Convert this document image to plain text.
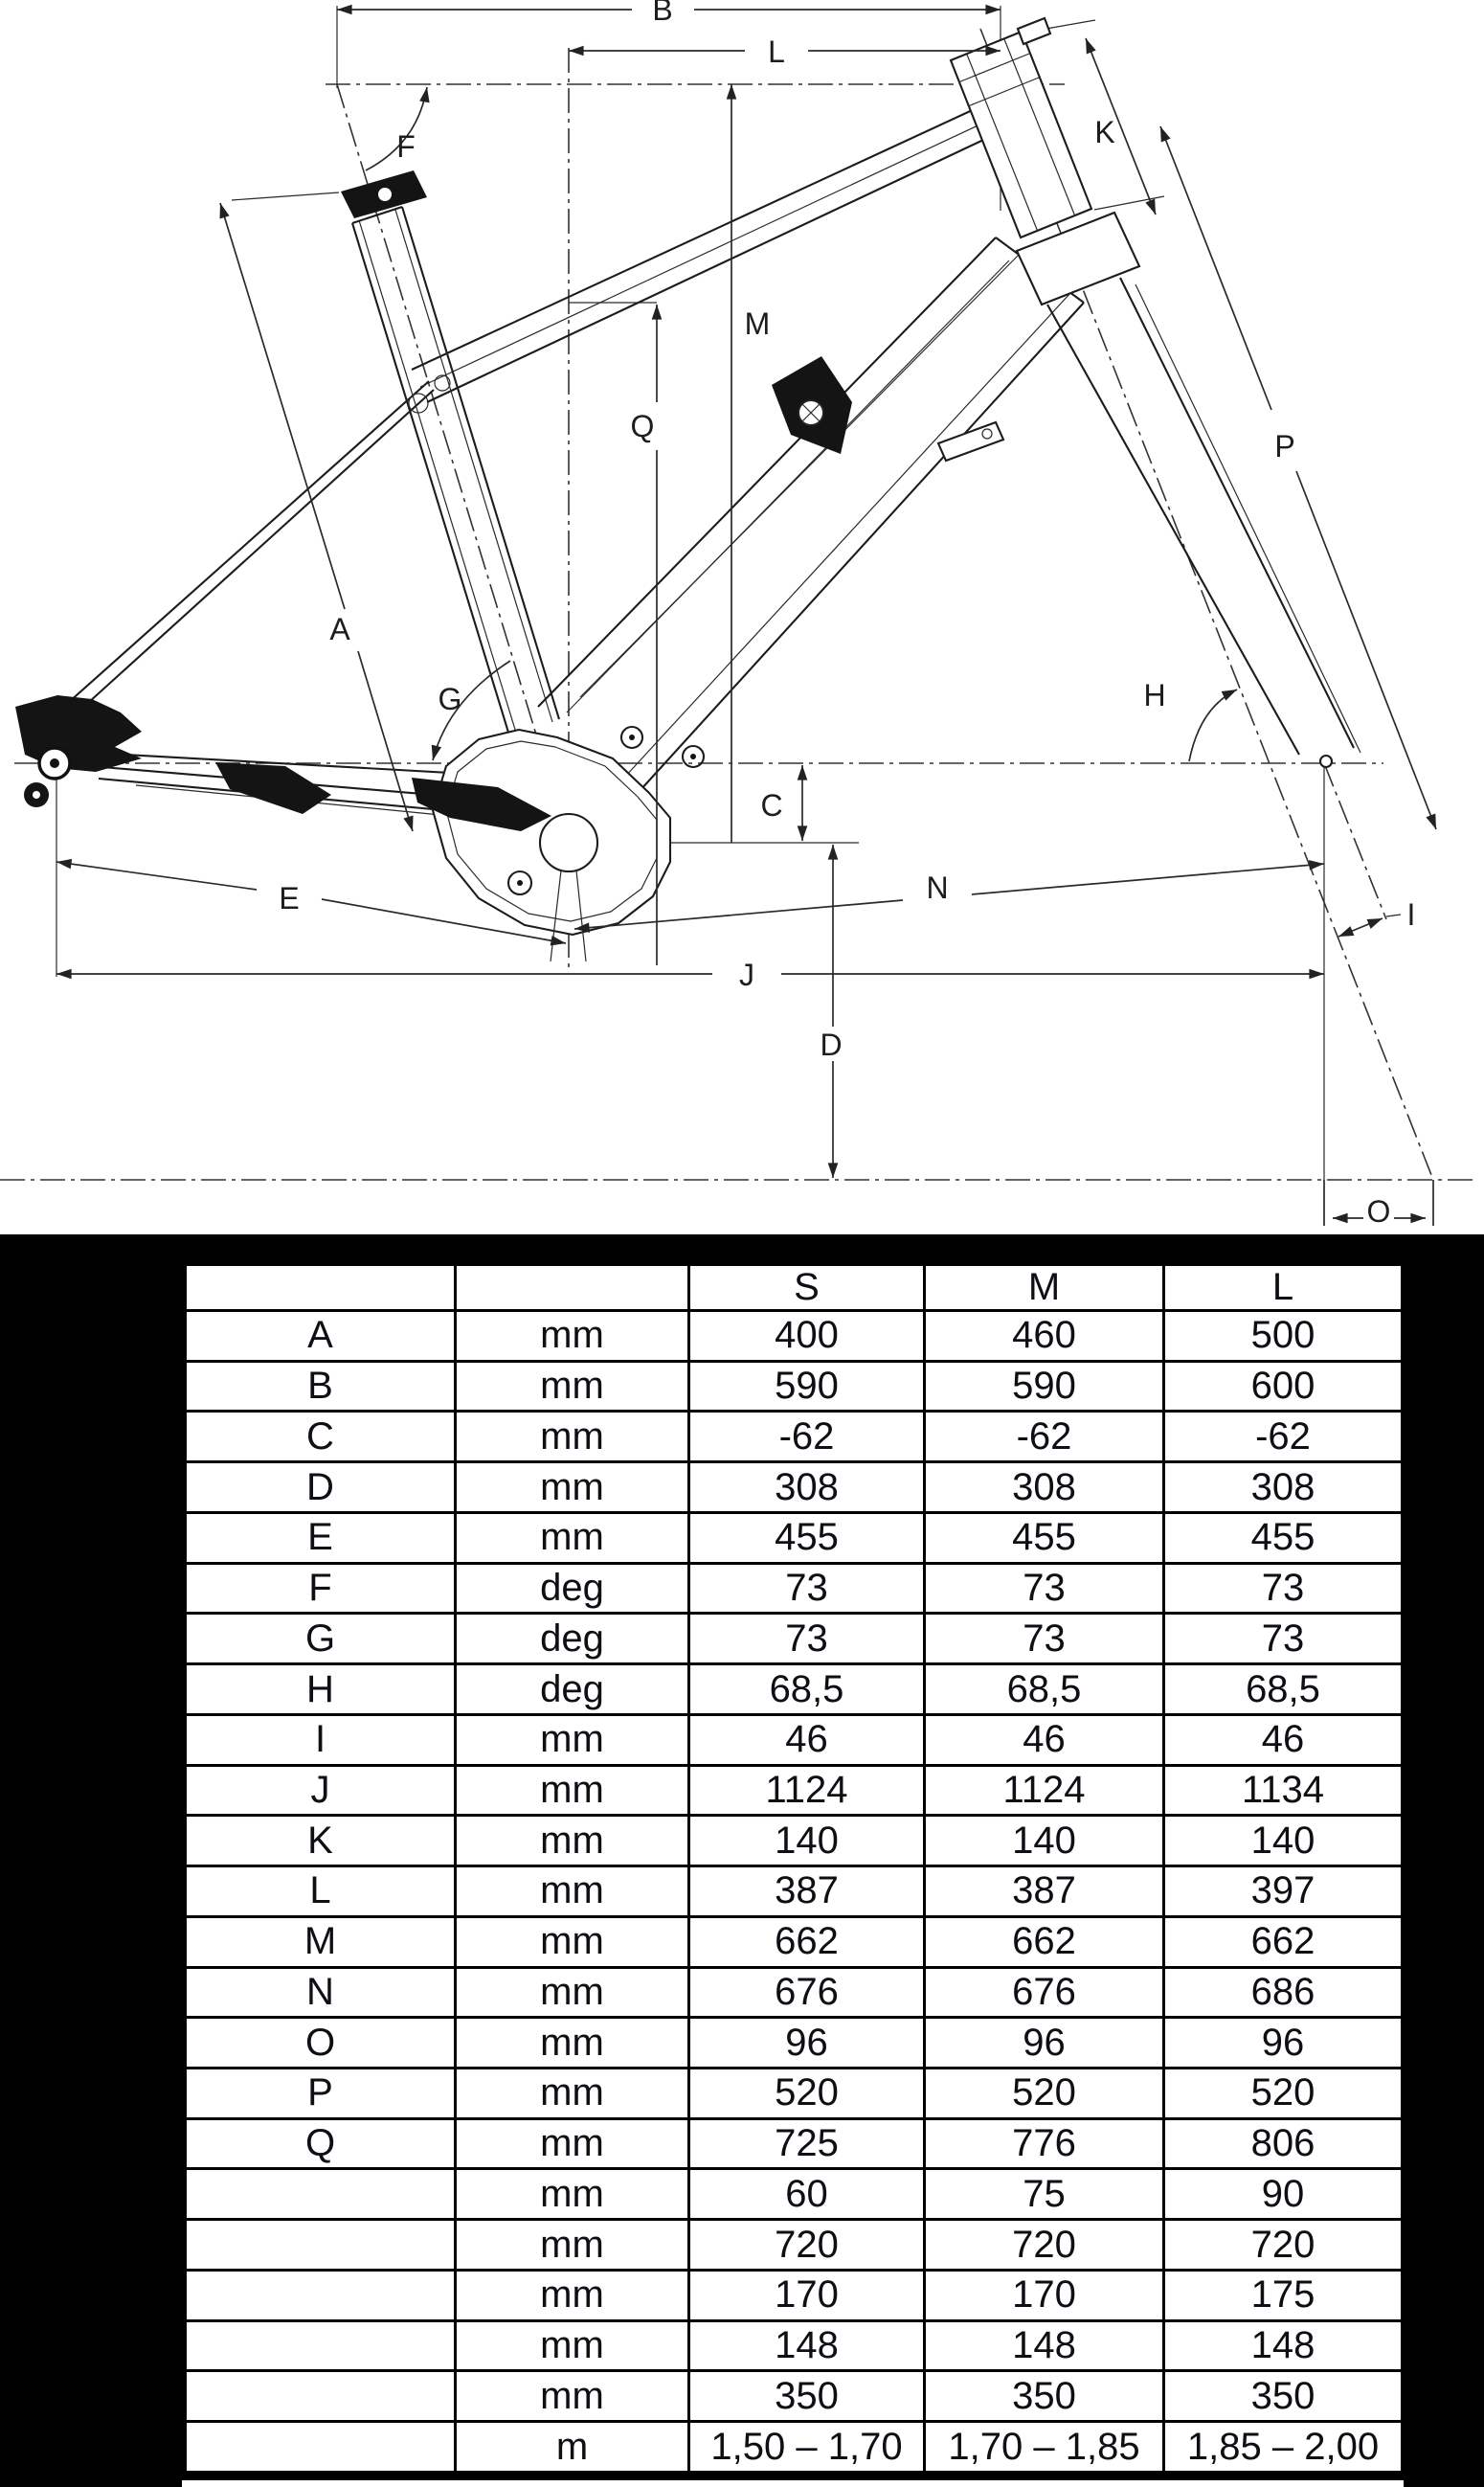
B
L
F	K
M
Q
P
A
G	H
C
E	N
I
J
D
O
		S	M	L
A	mm	400	460	500
B	mm	590	590	600
C	mm	-62	-62	-62
D	mm	308	308	308
E	mm	455	455	455
F	deg	73	73	73
G	deg	73	73	73
H	deg	68,5	68,5	68,5
I	mm	46	46	46
J	mm	1124	1124	1134
K	mm	140	140	140
L	mm	387	387	397
M	mm	662	662	662
N	mm	676	676	686
O	mm	96	96	96
P	mm	520	520	520
Q	mm	725	776	806
	mm	60	75	90
	mm	720	720	720
	mm	170	170	175
	mm	148	148	148
	mm	350	350	350
	m	1,50 – 1,70	1,70 – 1,85	1,85 – 2,00
